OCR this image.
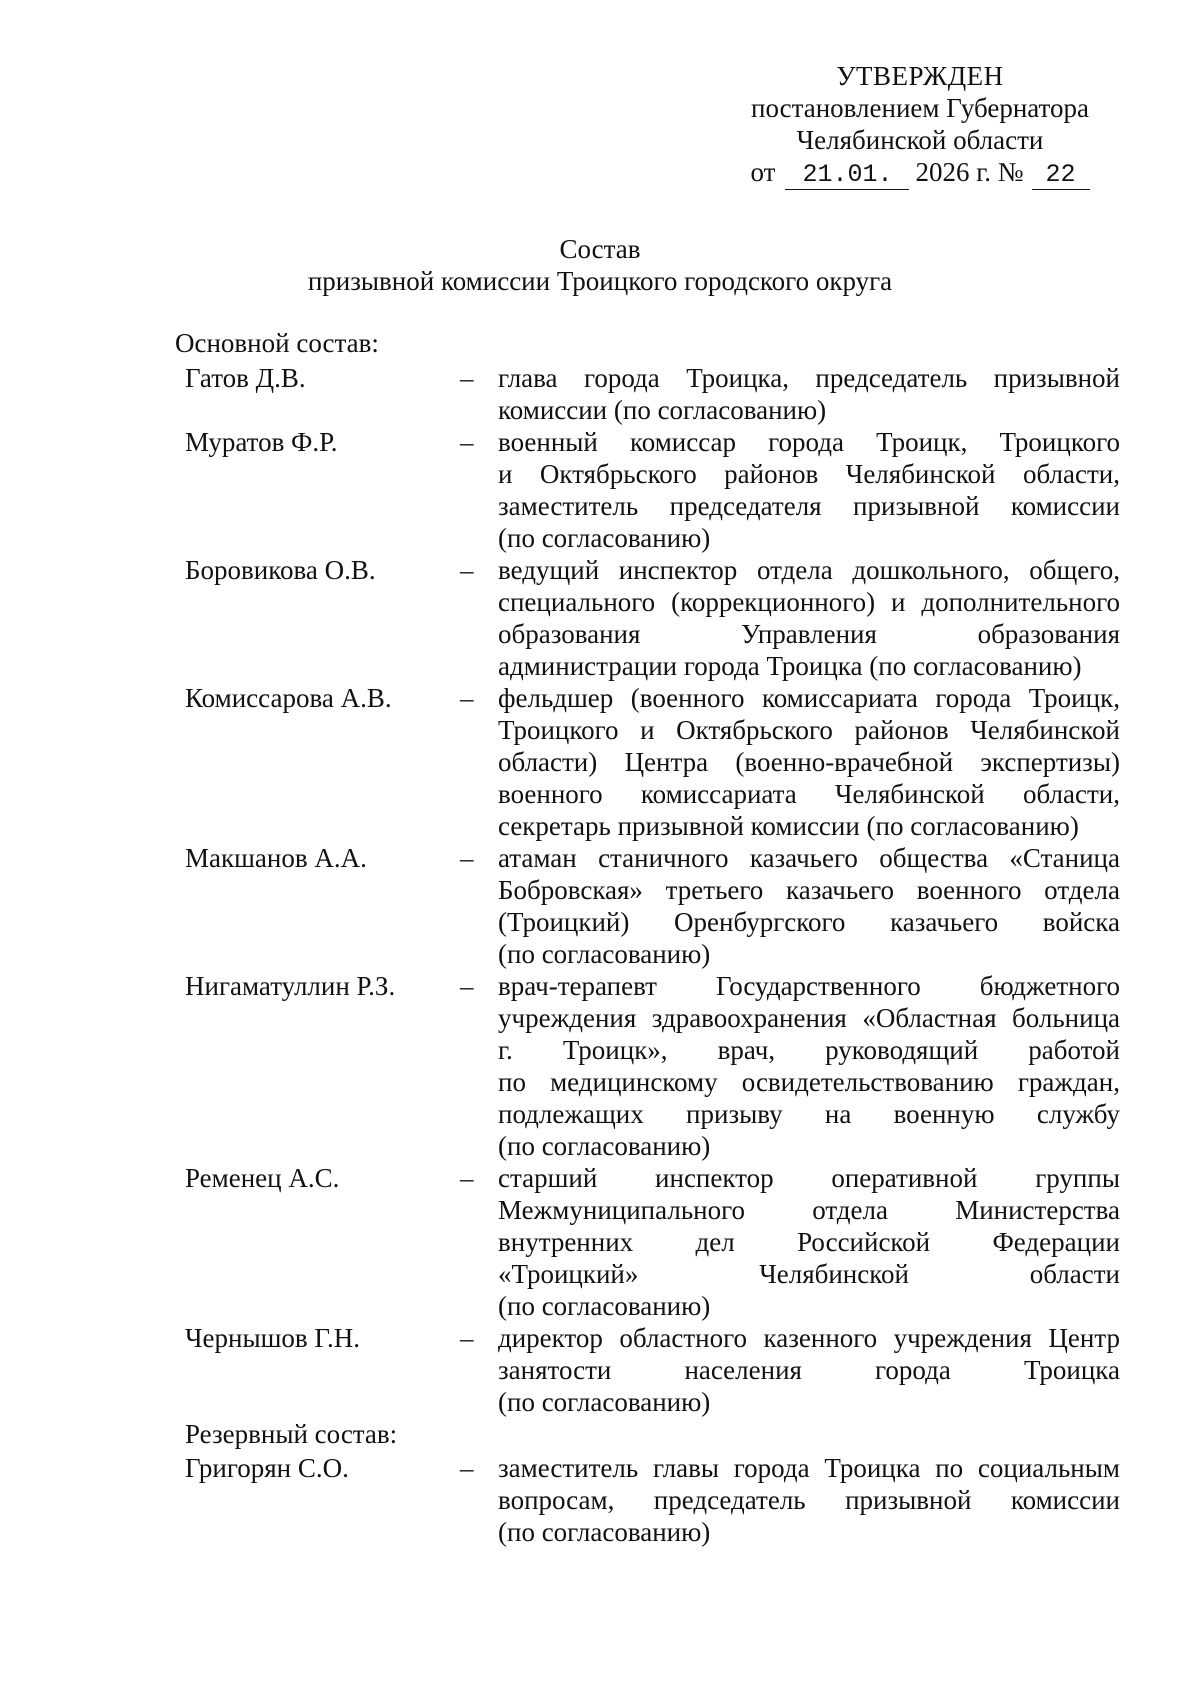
УТВЕРЖДЕН
постановлением Губернатора
Челябинской области
от 21.01. 2026 г. № 22
Состав
призывной комиссии Троицкого городского округа
Основной состав:
Гатов Д.В.	– глава города Троицка, председатель призывной
комиссии (по согласованию)
Муратов Ф.Р.	– военный комиссар города Троицк, Троицкого
и Октябрьского районов Челябинской области,
заместитель председателя призывной комиссии
(по согласованию)
Боровикова О.В.	– ведущий инспектор отдела дошкольного, общего,
специального (коррекционного) и дополнительного
образования	Управления	образования
администрации города Троицка (по согласованию)
Комиссарова А.В.	– фельдшер (военного комиссариата города Троицк,
Троицкого и Октябрьского районов Челябинской
области) Центра (военно-врачебной экспертизы)
военного комиссариата Челябинской области,
секретарь призывной комиссии (по согласованию)
Макшанов А.А.	– атаман станичного казачьего общества «Станица
Бобровская» третьего казачьего военного отдела
(Троицкий) Оренбургского казачьего войска
(по согласованию)
Нигаматуллин Р.З. – врач-терапевт Государственного бюджетного
учреждения здравоохранения «Областная больница
г. Троицк», врач, руководящий работой
по медицинскому освидетельствованию граждан,
подлежащих призыву на военную службу
(по согласованию)
Ременец А.С.	– старший инспектор оперативной группы
Межмуниципального отдела Министерства
внутренних дел Российской Федерации
«Троицкий»	Челябинской	области
(по согласованию)
Чернышов Г.Н.	– директор областного казенного учреждения Центр
занятости	населения	города	Троицка
(по согласованию)
Резервный состав:
Григорян С.О.	– заместитель главы города Троицка по социальным
вопросам, председатель призывной комиссии
(по согласованию)
